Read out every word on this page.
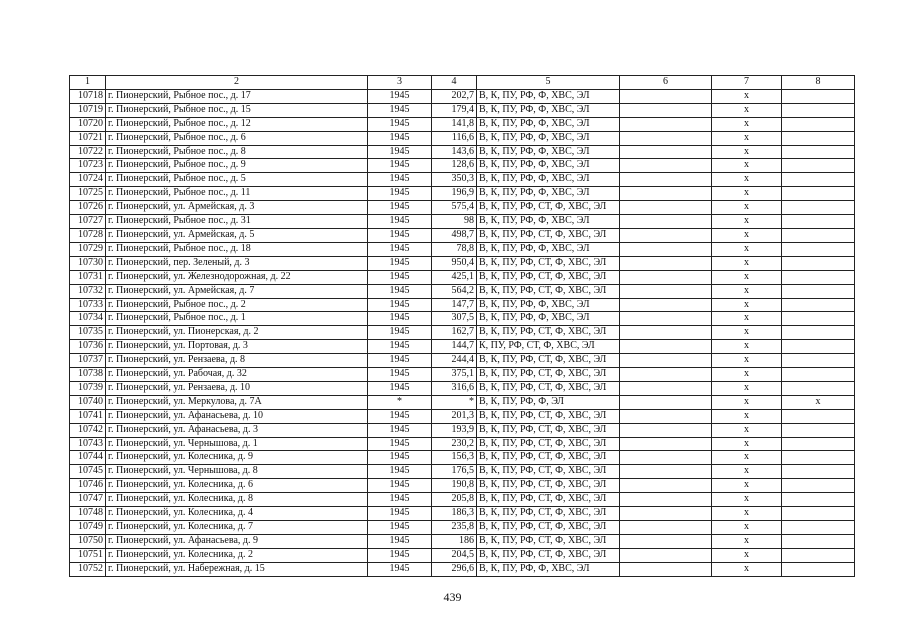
1	2	3	4	5	6	7	8
10718	г. Пионерский, Рыбное пос., д. 17	1945	202,7	В, К, ПУ, РФ, Ф, ХВС, ЭЛ		x	
10719	г. Пионерский, Рыбное пос., д. 15	1945	179,4	В, К, ПУ, РФ, Ф, ХВС, ЭЛ		x	
10720	г. Пионерский, Рыбное пос., д. 12	1945	141,8	В, К, ПУ, РФ, Ф, ХВС, ЭЛ		x	
10721	г. Пионерский, Рыбное пос., д. 6	1945	116,6	В, К, ПУ, РФ, Ф, ХВС, ЭЛ		x	
10722	г. Пионерский, Рыбное пос., д. 8	1945	143,6	В, К, ПУ, РФ, Ф, ХВС, ЭЛ		x	
10723	г. Пионерский, Рыбное пос., д. 9	1945	128,6	В, К, ПУ, РФ, Ф, ХВС, ЭЛ		x	
10724	г. Пионерский, Рыбное пос., д. 5	1945	350,3	В, К, ПУ, РФ, Ф, ХВС, ЭЛ		x	
10725	г. Пионерский, Рыбное пос., д. 11	1945	196,9	В, К, ПУ, РФ, Ф, ХВС, ЭЛ		x	
10726	г. Пионерский, ул. Армейская, д. 3	1945	575,4	В, К, ПУ, РФ, СТ, Ф, ХВС, ЭЛ		x	
10727	г. Пионерский, Рыбное пос., д. 31	1945	98	В, К, ПУ, РФ, Ф, ХВС, ЭЛ		x	
10728	г. Пионерский, ул. Армейская, д. 5	1945	498,7	В, К, ПУ, РФ, СТ, Ф, ХВС, ЭЛ		x	
10729	г. Пионерский, Рыбное пос., д. 18	1945	78,8	В, К, ПУ, РФ, Ф, ХВС, ЭЛ		x	
10730	г. Пионерский, пер. Зеленый, д. 3	1945	950,4	В, К, ПУ, РФ, СТ, Ф, ХВС, ЭЛ		x	
10731	г. Пионерский, ул. Железнодорожная, д. 22	1945	425,1	В, К, ПУ, РФ, СТ, Ф, ХВС, ЭЛ		x	
10732	г. Пионерский, ул. Армейская, д. 7	1945	564,2	В, К, ПУ, РФ, СТ, Ф, ХВС, ЭЛ		x	
10733	г. Пионерский, Рыбное пос., д. 2	1945	147,7	В, К, ПУ, РФ, Ф, ХВС, ЭЛ		x	
10734	г. Пионерский, Рыбное пос., д. 1	1945	307,5	В, К, ПУ, РФ, Ф, ХВС, ЭЛ		x	
10735	г. Пионерский, ул. Пионерская, д. 2	1945	162,7	В, К, ПУ, РФ, СТ, Ф, ХВС, ЭЛ		x	
10736	г. Пионерский, ул. Портовая, д. 3	1945	144,7	К, ПУ, РФ, СТ, Ф, ХВС, ЭЛ		x	
10737	г. Пионерский, ул. Рензаева, д. 8	1945	244,4	В, К, ПУ, РФ, СТ, Ф, ХВС, ЭЛ		x	
10738	г. Пионерский, ул. Рабочая, д. 32	1945	375,1	В, К, ПУ, РФ, СТ, Ф, ХВС, ЭЛ		x	
10739	г. Пионерский, ул. Рензаева, д. 10	1945	316,6	В, К, ПУ, РФ, СТ, Ф, ХВС, ЭЛ		x	
10740	г. Пионерский, ул. Меркулова, д. 7А	*	*	В, К, ПУ, РФ, Ф, ЭЛ		x	x
10741	г. Пионерский, ул. Афанасьева, д. 10	1945	201,3	В, К, ПУ, РФ, СТ, Ф, ХВС, ЭЛ		x	
10742	г. Пионерский, ул. Афанасьева, д. 3	1945	193,9	В, К, ПУ, РФ, СТ, Ф, ХВС, ЭЛ		x	
10743	г. Пионерский, ул. Чернышова, д. 1	1945	230,2	В, К, ПУ, РФ, СТ, Ф, ХВС, ЭЛ		x	
10744	г. Пионерский, ул. Колесника, д. 9	1945	156,3	В, К, ПУ, РФ, СТ, Ф, ХВС, ЭЛ		x	
10745	г. Пионерский, ул. Чернышова, д. 8	1945	176,5	В, К, ПУ, РФ, СТ, Ф, ХВС, ЭЛ		x	
10746	г. Пионерский, ул. Колесника, д. 6	1945	190,8	В, К, ПУ, РФ, СТ, Ф, ХВС, ЭЛ		x	
10747	г. Пионерский, ул. Колесника, д. 8	1945	205,8	В, К, ПУ, РФ, СТ, Ф, ХВС, ЭЛ		x	
10748	г. Пионерский, ул. Колесника, д. 4	1945	186,3	В, К, ПУ, РФ, СТ, Ф, ХВС, ЭЛ		x	
10749	г. Пионерский, ул. Колесника, д. 7	1945	235,8	В, К, ПУ, РФ, СТ, Ф, ХВС, ЭЛ		x	
10750	г. Пионерский, ул. Афанасьева, д. 9	1945	186	В, К, ПУ, РФ, СТ, Ф, ХВС, ЭЛ		x	
10751	г. Пионерский, ул. Колесника, д. 2	1945	204,5	В, К, ПУ, РФ, СТ, Ф, ХВС, ЭЛ		x	
10752	г. Пионерский, ул. Набережная, д. 15	1945	296,6	В, К, ПУ, РФ, Ф, ХВС, ЭЛ		x	
439
